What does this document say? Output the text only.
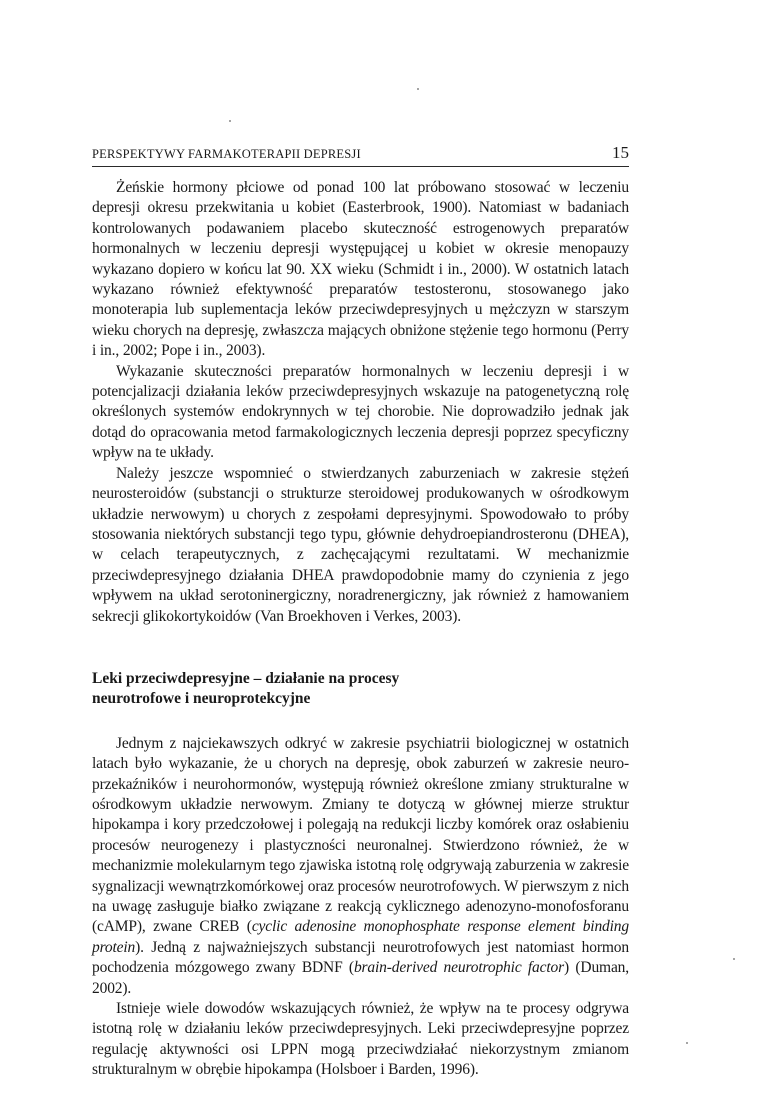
PERSPEKTYWY FARMAKOTERAPII DEPRESJI	15

Żeńskie hormony płciowe od ponad 100 lat próbowano stosować w leczeniu depresji okresu przekwitania u kobiet (Easterbrook, 1900). Natomiast w badaniach kontrolowanych podawaniem placebo skuteczność estrogenowych preparatów hormonalnych w leczeniu depresji występującej u kobiet w okresie menopauzy wykazano dopiero w końcu lat 90. XX wieku (Schmidt i in., 2000). W ostatnich latach wykazano również efektywność preparatów testosteronu, stosowanego jako monoterapia lub suplementacja leków przeciwdepresyjnych u mężczyzn w starszym wieku chorych na depresję, zwłaszcza mających obniżone stężenie tego hormonu (Perry i in., 2002; Pope i in., 2003).

Wykazanie skuteczności preparatów hormonalnych w leczeniu depresji i w potencjalizacji działania leków przeciwdepresyjnych wskazuje na patogenetyczną rolę określonych systemów endokrynnych w tej chorobie. Nie doprowadziło jednak jak dotąd do opracowania metod farmakologicznych leczenia depresji poprzez specyficzny wpływ na te układy.

Należy jeszcze wspomnieć o stwierdzanych zaburzeniach w zakresie stężeń neurosteroidów (substancji o strukturze steroidowej produkowanych w ośrodkowym układzie nerwowym) u chorych z zespołami depresyjnymi. Spowodowało to próby stosowania niektórych substancji tego typu, głównie dehydroepiandrosteronu (DHEA), w celach terapeutycznych, z zachęcającymi rezultatami. W mechanizmie przeciwdepresyjnego działania DHEA prawdopodobnie mamy do czynienia z jego wpływem na układ serotoninergiczny, noradrenergiczny, jak również z hamowaniem sekrecji glikokortykoidów (Van Broekhoven i Verkes, 2003).

Leki przeciwdepresyjne – działanie na procesy
neurotrofowe i neuroprotekcyjne

Jednym z najciekawszych odkryć w zakresie psychiatrii biologicznej w ostatnich latach było wykazanie, że u chorych na depresję, obok zaburzeń w zakresie neuro-przekaźników i neurohormonów, występują również określone zmiany strukturalne w ośrodkowym układzie nerwowym. Zmiany te dotyczą w głównej mierze struktur hipokampa i kory przedczołowej i polegają na redukcji liczby komórek oraz osłabieniu procesów neurogenezy i plastyczności neuronalnej. Stwierdzono również, że w mechanizmie molekularnym tego zjawiska istotną rolę odgrywają zaburzenia w zakresie sygnalizacji wewnątrzkomórkowej oraz procesów neurotrofowych. W pierwszym z nich na uwagę zasługuje białko związane z reakcją cyklicznego adenozyno-monofosforanu (cAMP), zwane CREB (cyclic adenosine monophosphate response element binding protein). Jedną z najważniejszych substancji neurotrofowych jest natomiast hormon pochodzenia mózgowego zwany BDNF (brain-derived neurotrophic factor) (Duman, 2002).

Istnieje wiele dowodów wskazujących również, że wpływ na te procesy odgrywa istotną rolę w działaniu leków przeciwdepresyjnych. Leki przeciwdepresyjne poprzez regulację aktywności osi LPPN mogą przeciwdziałać niekorzystnym zmianom strukturalnym w obrębie hipokampa (Holsboer i Barden, 1996).
